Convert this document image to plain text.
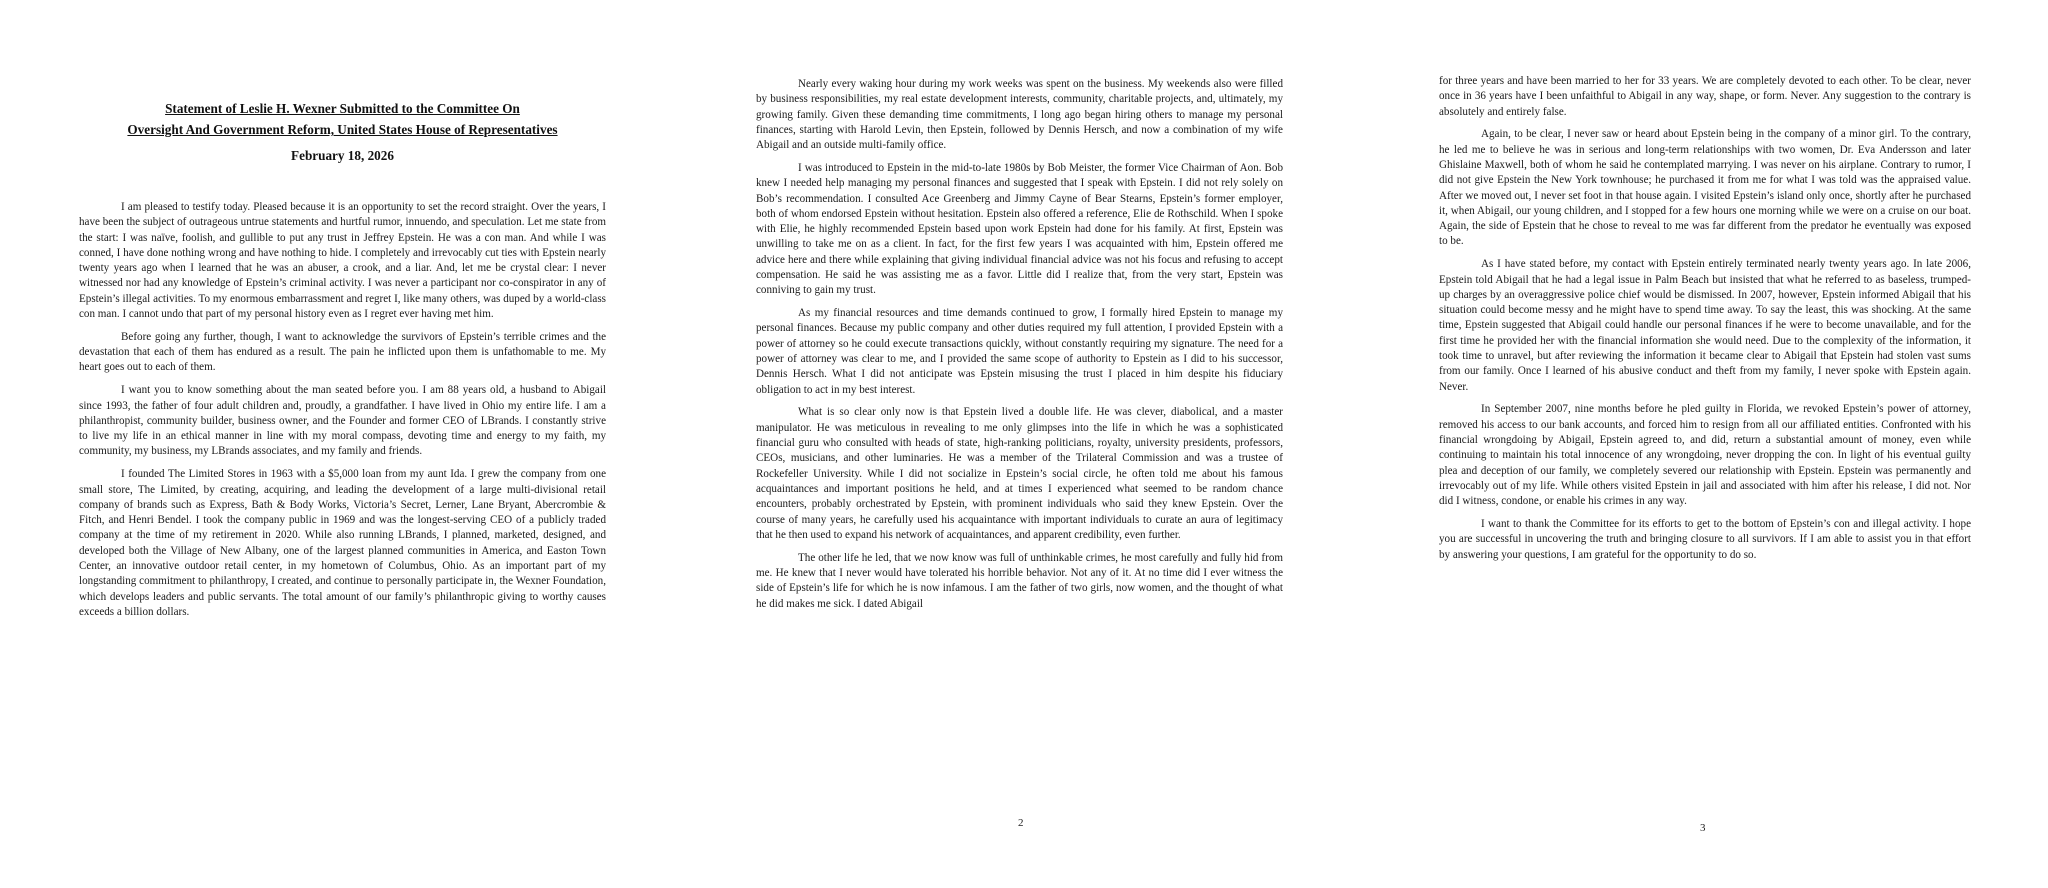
Statement of Leslie H. Wexner Submitted to the Committee On
Oversight And Government Reform, United States House of Representatives
February 18, 2026

I am pleased to testify today. Pleased because it is an opportunity to set the record straight. Over the years, I have been the subject of outrageous untrue statements and hurtful rumor, innuendo, and speculation. Let me state from the start: I was naïve, foolish, and gullible to put any trust in Jeffrey Epstein. He was a con man. And while I was conned, I have done nothing wrong and have nothing to hide. I completely and irrevocably cut ties with Epstein nearly twenty years ago when I learned that he was an abuser, a crook, and a liar. And, let me be crystal clear: I never witnessed nor had any knowledge of Epstein’s criminal activity. I was never a participant nor co-conspirator in any of Epstein’s illegal activities. To my enormous embarrassment and regret I, like many others, was duped by a world-class con man. I cannot undo that part of my personal history even as I regret ever having met him.

Before going any further, though, I want to acknowledge the survivors of Epstein’s terrible crimes and the devastation that each of them has endured as a result. The pain he inflicted upon them is unfathomable to me. My heart goes out to each of them.

I want you to know something about the man seated before you. I am 88 years old, a husband to Abigail since 1993, the father of four adult children and, proudly, a grandfather. I have lived in Ohio my entire life. I am a philanthropist, community builder, business owner, and the Founder and former CEO of LBrands. I constantly strive to live my life in an ethical manner in line with my moral compass, devoting time and energy to my faith, my community, my business, my LBrands associates, and my family and friends.

I founded The Limited Stores in 1963 with a $5,000 loan from my aunt Ida. I grew the company from one small store, The Limited, by creating, acquiring, and leading the development of a large multi-divisional retail company of brands such as Express, Bath & Body Works, Victoria’s Secret, Lerner, Lane Bryant, Abercrombie & Fitch, and Henri Bendel. I took the company public in 1969 and was the longest-serving CEO of a publicly traded company at the time of my retirement in 2020. While also running LBrands, I planned, marketed, designed, and developed both the Village of New Albany, one of the largest planned communities in America, and Easton Town Center, an innovative outdoor retail center, in my hometown of Columbus, Ohio. As an important part of my longstanding commitment to philanthropy, I created, and continue to personally participate in, the Wexner Foundation, which develops leaders and public servants. The total amount of our family’s philanthropic giving to worthy causes exceeds a billion dollars.

Nearly every waking hour during my work weeks was spent on the business. My weekends also were filled by business responsibilities, my real estate development interests, community, charitable projects, and, ultimately, my growing family. Given these demanding time commitments, I long ago began hiring others to manage my personal finances, starting with Harold Levin, then Epstein, followed by Dennis Hersch, and now a combination of my wife Abigail and an outside multi-family office.

I was introduced to Epstein in the mid-to-late 1980s by Bob Meister, the former Vice Chairman of Aon. Bob knew I needed help managing my personal finances and suggested that I speak with Epstein. I did not rely solely on Bob’s recommendation. I consulted Ace Greenberg and Jimmy Cayne of Bear Stearns, Epstein’s former employer, both of whom endorsed Epstein without hesitation. Epstein also offered a reference, Elie de Rothschild. When I spoke with Elie, he highly recommended Epstein based upon work Epstein had done for his family. At first, Epstein was unwilling to take me on as a client. In fact, for the first few years I was acquainted with him, Epstein offered me advice here and there while explaining that giving individual financial advice was not his focus and refusing to accept compensation. He said he was assisting me as a favor. Little did I realize that, from the very start, Epstein was conniving to gain my trust.

As my financial resources and time demands continued to grow, I formally hired Epstein to manage my personal finances. Because my public company and other duties required my full attention, I provided Epstein with a power of attorney so he could execute transactions quickly, without constantly requiring my signature. The need for a power of attorney was clear to me, and I provided the same scope of authority to Epstein as I did to his successor, Dennis Hersch. What I did not anticipate was Epstein misusing the trust I placed in him despite his fiduciary obligation to act in my best interest.

What is so clear only now is that Epstein lived a double life. He was clever, diabolical, and a master manipulator. He was meticulous in revealing to me only glimpses into the life in which he was a sophisticated financial guru who consulted with heads of state, high-ranking politicians, royalty, university presidents, professors, CEOs, musicians, and other luminaries. He was a member of the Trilateral Commission and was a trustee of Rockefeller University. While I did not socialize in Epstein’s social circle, he often told me about his famous acquaintances and important positions he held, and at times I experienced what seemed to be random chance encounters, probably orchestrated by Epstein, with prominent individuals who said they knew Epstein. Over the course of many years, he carefully used his acquaintance with important individuals to curate an aura of legitimacy that he then used to expand his network of acquaintances, and apparent credibility, even further.

The other life he led, that we now know was full of unthinkable crimes, he most carefully and fully hid from me. He knew that I never would have tolerated his horrible behavior. Not any of it. At no time did I ever witness the side of Epstein’s life for which he is now infamous. I am the father of two girls, now women, and the thought of what he did makes me sick. I dated Abigail

2

for three years and have been married to her for 33 years. We are completely devoted to each other. To be clear, never once in 36 years have I been unfaithful to Abigail in any way, shape, or form. Never. Any suggestion to the contrary is absolutely and entirely false.

Again, to be clear, I never saw or heard about Epstein being in the company of a minor girl. To the contrary, he led me to believe he was in serious and long-term relationships with two women, Dr. Eva Andersson and later Ghislaine Maxwell, both of whom he said he contemplated marrying. I was never on his airplane. Contrary to rumor, I did not give Epstein the New York townhouse; he purchased it from me for what I was told was the appraised value. After we moved out, I never set foot in that house again. I visited Epstein’s island only once, shortly after he purchased it, when Abigail, our young children, and I stopped for a few hours one morning while we were on a cruise on our boat. Again, the side of Epstein that he chose to reveal to me was far different from the predator he eventually was exposed to be.

As I have stated before, my contact with Epstein entirely terminated nearly twenty years ago. In late 2006, Epstein told Abigail that he had a legal issue in Palm Beach but insisted that what he referred to as baseless, trumped-up charges by an overaggressive police chief would be dismissed. In 2007, however, Epstein informed Abigail that his situation could become messy and he might have to spend time away. To say the least, this was shocking. At the same time, Epstein suggested that Abigail could handle our personal finances if he were to become unavailable, and for the first time he provided her with the financial information she would need. Due to the complexity of the information, it took time to unravel, but after reviewing the information it became clear to Abigail that Epstein had stolen vast sums from our family. Once I learned of his abusive conduct and theft from my family, I never spoke with Epstein again. Never.

In September 2007, nine months before he pled guilty in Florida, we revoked Epstein’s power of attorney, removed his access to our bank accounts, and forced him to resign from all our affiliated entities. Confronted with his financial wrongdoing by Abigail, Epstein agreed to, and did, return a substantial amount of money, even while continuing to maintain his total innocence of any wrongdoing, never dropping the con. In light of his eventual guilty plea and deception of our family, we completely severed our relationship with Epstein. Epstein was permanently and irrevocably out of my life. While others visited Epstein in jail and associated with him after his release, I did not. Nor did I witness, condone, or enable his crimes in any way.

I want to thank the Committee for its efforts to get to the bottom of Epstein’s con and illegal activity. I hope you are successful in uncovering the truth and bringing closure to all survivors. If I am able to assist you in that effort by answering your questions, I am grateful for the opportunity to do so.

3
